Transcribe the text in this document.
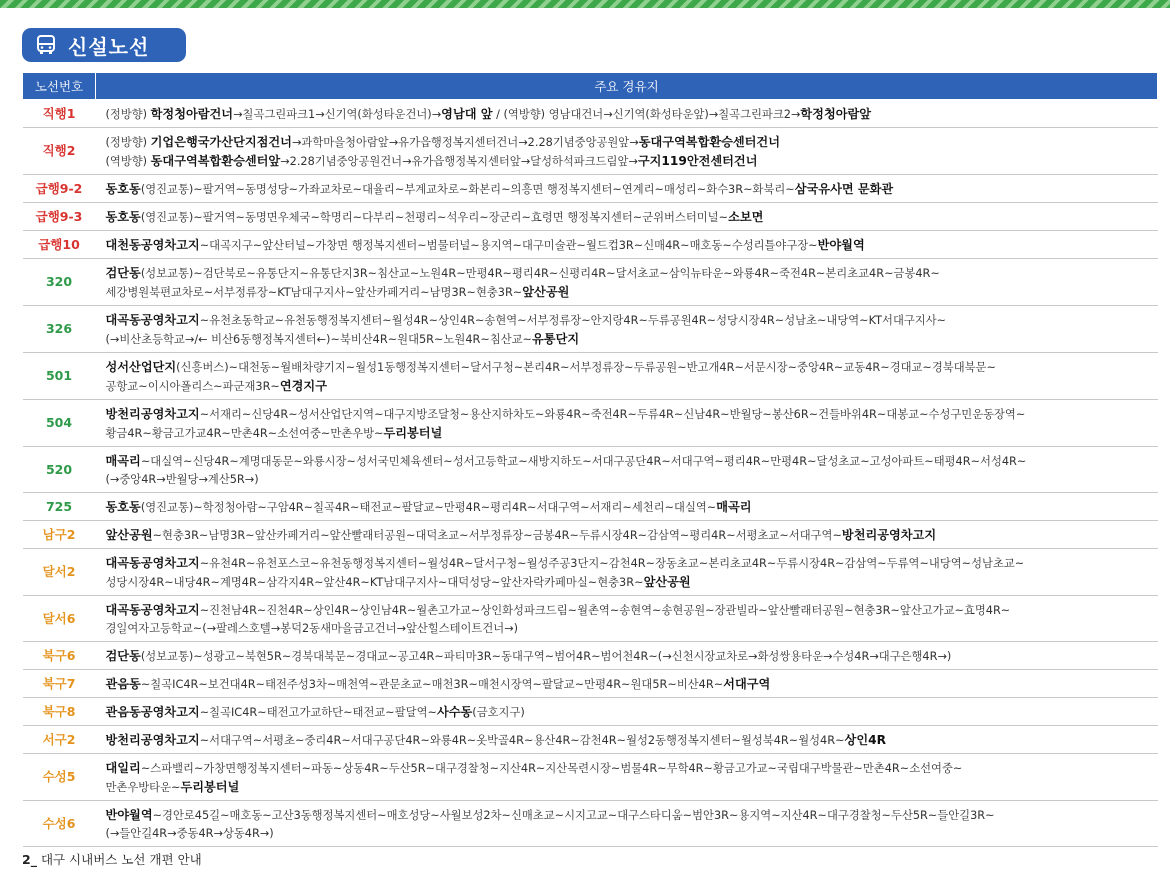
신설노선
노선번호	주요 경유지
직행1	(정방향) 학정청아람건너→칠곡그린파크1→신기역(화성타운건너)→영남대 앞 / (역방향) 영남대건너→신기역(화성타운앞)→칠곡그린파크2→학정청아람앞

직행2	(정방향) 기업은행국가산단지점건너→과학마을청아람앞→유가읍행정복지센터건너→2.28기념중앙공원앞→동대구역복합환승센터건너
(역방향) 동대구역복합환승센터앞→2.28기념중앙공원건너→유가읍행정복지센터앞→달성하석파크드림앞→구지119안전센터건너

급행9-2	동호동(영진교통)~팔거역~동명성당~가좌교차로~대율리~부계교차로~화본리~의흥면 행정복지센터~연계리~매성리~화수3R~화북리~삼국유사면 문화관

급행9-3	동호동(영진교통)~팔거역~동명면우체국~학명리~다부리~천평리~석우리~장군리~효령면 행정복지센터~군위버스터미널~소보면

급행10	대천동공영차고지~대곡지구~앞산터널~가창면 행정복지센터~범물터널~용지역~대구미술관~월드컵3R~신매4R~매호동~수성리틀야구장~반야월역

320	검단동(성보교통)~검단북로~유통단지~유통단지3R~침산교~노원4R~만평4R~평리4R~신평리4R~달서초교~삼익뉴타운~와룡4R~죽전4R~본리초교4R~금봉4R~
세강병원북편교차로~서부정류장~KT남대구지사~앞산카페거리~남명3R~현충3R~앞산공원

326	대곡동공영차고지~유천초동학교~유천동행정복지센터~월성4R~상인4R~송현역~서부정류장~안지랑4R~두류공원4R~성당시장4R~성남초~내당역~KT서대구지사~
(→비산초등학교→/← 비산6동행정복지센터←)~북비산4R~원대5R~노원4R~침산교~유통단지

501	성서산업단지(신흥버스)~대천동~월배차량기지~월성1동행정복지센터~달서구청~본리4R~서부정류장~두류공원~반고개4R~서문시장~중앙4R~교동4R~경대교~경북대북문~
공항교~이시아폴리스~파군재3R~연경지구

504	방천리공영차고지~서재리~신당4R~성서산업단지역~대구지방조달청~용산지하차도~와룡4R~죽전4R~두류4R~신남4R~반월당~봉산6R~건들바위4R~대봉교~수성구민운동장역~
황금4R~황금고가교4R~만촌4R~소선여중~만촌우방~두리봉터널

520	매곡리~대실역~신당4R~계명대동문~와룡시장~성서국민체육센터~성서고등학교~새방지하도~서대구공단4R~서대구역~평리4R~만평4R~달성초교~고성아파트~태평4R~서성4R~
(→중앙4R→반월당→계산5R→)

725	동호동(영진교통)~학정청아람~구암4R~칠곡4R~태전교~팔달교~만평4R~평리4R~서대구역~서재리~세천리~대실역~매곡리

남구2	앞산공원~현충3R~남명3R~앞산카페거리~앞산빨래터공원~대덕초교~서부정류장~금봉4R~두류시장4R~감삼역~평리4R~서평초교~서대구역~방천리공영차고지

달서2	대곡동공영차고지~유천4R~유천포스코~유천동행정복지센터~월성4R~달서구청~월성주공3단지~감천4R~장동초교~본리초교4R~두류시장4R~감삼역~두류역~내당역~성남초교~
성당시장4R~내당4R~계명4R~삼각지4R~앞산4R~KT남대구지사~대덕성당~앞산자락카페마실~현충3R~앞산공원

달서6	대곡동공영차고지~진천남4R~진천4R~상인4R~상인남4R~월촌고가교~상인화성파크드림~월촌역~송현역~송현공원~장관빌라~앞산빨래터공원~현충3R~앞산고가교~효명4R~
경일여자고등학교~(→팔레스호텔→봉덕2동새마을금고건너→앞산힐스테이트건너→)

북구6	검단동(성보교통)~성광고~북현5R~경북대북문~경대교~공고4R~파티마3R~동대구역~범어4R~범어천4R~(→신천시장교차로→화성쌍용타운→수성4R→대구은행4R→)

북구7	관음동~칠곡IC4R~보건대4R~태전주성3차~매천역~관문초교~매천3R~매천시장역~팔달교~만평4R~원대5R~비산4R~서대구역

북구8	관음동공영차고지~칠곡IC4R~태전고가교하단~태전교~팔달역~사수동(금호지구)

서구2	방천리공영차고지~서대구역~서평초~중리4R~서대구공단4R~와룡4R~옷박골4R~용산4R~감천4R~월성2동행정복지센터~월성북4R~월성4R~상인4R

수성5	대일리~스파밸리~가창면행정복지센터~파동~상동4R~두산5R~대구경찰청~지산4R~지산목련시장~범물4R~무학4R~황금고가교~국립대구박물관~만촌4R~소선여중~
만촌우방타운~두리봉터널

수성6	반야월역~경안로45길~매호동~고산3동행정복지센터~매호성당~사월보성2차~신매초교~시지고교~대구스타디움~범안3R~용지역~지산4R~대구경찰청~두산5R~들안길3R~
(→들안길4R→중동4R→상동4R→)
2_ 대구 시내버스 노선 개편 안내
